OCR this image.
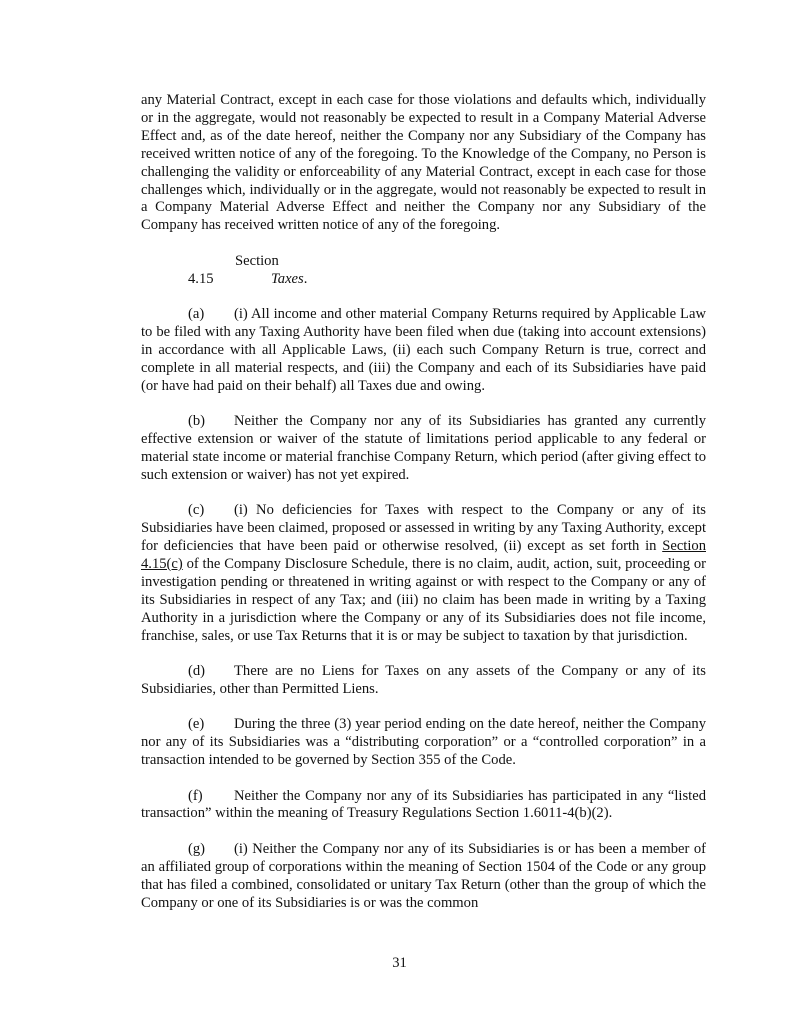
any Material Contract, except in each case for those violations and defaults which, individually or in the aggregate, would not reasonably be expected to result in a Company Material Adverse Effect and, as of the date hereof, neither the Company nor any Subsidiary of the Company has received written notice of any of the foregoing. To the Knowledge of the Company, no Person is challenging the validity or enforceability of any Material Contract, except in each case for those challenges which, individually or in the aggregate, would not reasonably be expected to result in a Company Material Adverse Effect and neither the Company nor any Subsidiary of the Company has received written notice of any of the foregoing.

Section 4.15	Taxes.

(a) (i) All income and other material Company Returns required by Applicable Law to be filed with any Taxing Authority have been filed when due (taking into account extensions) in accordance with all Applicable Laws, (ii) each such Company Return is true, correct and complete in all material respects, and (iii) the Company and each of its Subsidiaries have paid (or have had paid on their behalf) all Taxes due and owing.

(b) Neither the Company nor any of its Subsidiaries has granted any currently effective extension or waiver of the statute of limitations period applicable to any federal or material state income or material franchise Company Return, which period (after giving effect to such extension or waiver) has not yet expired.

(c) (i) No deficiencies for Taxes with respect to the Company or any of its Subsidiaries have been claimed, proposed or assessed in writing by any Taxing Authority, except for deficiencies that have been paid or otherwise resolved, (ii) except as set forth in Section 4.15(c) of the Company Disclosure Schedule, there is no claim, audit, action, suit, proceeding or investigation pending or threatened in writing against or with respect to the Company or any of its Subsidiaries in respect of any Tax; and (iii) no claim has been made in writing by a Taxing Authority in a jurisdiction where the Company or any of its Subsidiaries does not file income, franchise, sales, or use Tax Returns that it is or may be subject to taxation by that jurisdiction.

(d) There are no Liens for Taxes on any assets of the Company or any of its Subsidiaries, other than Permitted Liens.

(e) During the three (3) year period ending on the date hereof, neither the Company nor any of its Subsidiaries was a “distributing corporation” or a “controlled corporation” in a transaction intended to be governed by Section 355 of the Code.

(f) Neither the Company nor any of its Subsidiaries has participated in any “listed transaction” within the meaning of Treasury Regulations Section 1.6011-4(b)(2).

(g) (i) Neither the Company nor any of its Subsidiaries is or has been a member of an affiliated group of corporations within the meaning of Section 1504 of the Code or any group that has filed a combined, consolidated or unitary Tax Return (other than the group of which the Company or one of its Subsidiaries is or was the common

31
